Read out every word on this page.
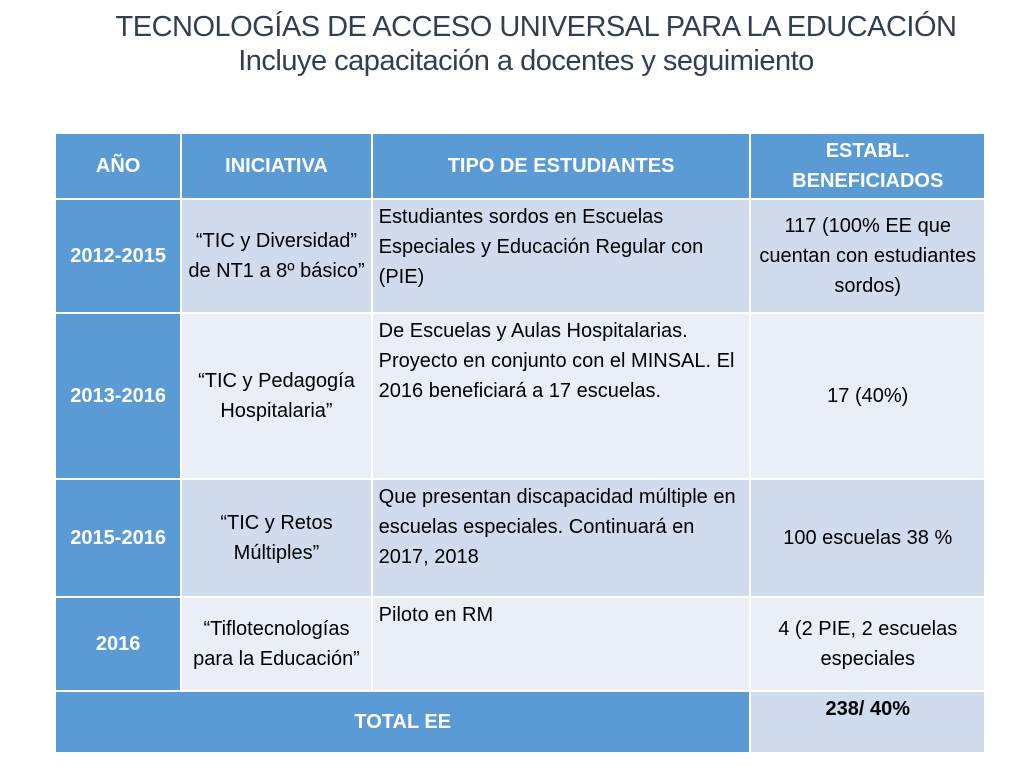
TECNOLOGÍAS DE ACCESO UNIVERSAL PARA LA EDUCACIÓN

Incluye capacitación a docentes y seguimiento

AÑO	INICIATIVA	TIPO DE ESTUDIANTES	ESTABL. BENEFICIADOS
2012-2015	“TIC y Diversidad” de NT1 a 8º básico”	Estudiantes sordos en Escuelas Especiales y Educación Regular con (PIE)	117 (100% EE que cuentan con estudiantes sordos)
2013-2016	“TIC y Pedagogía Hospitalaria”	De Escuelas y Aulas Hospitalarias. Proyecto en conjunto con el MINSAL. El 2016 beneficiará a 17 escuelas.	17 (40%)
2015-2016	“TIC y Retos Múltiples”	Que presentan discapacidad múltiple en escuelas especiales. Continuará en 2017, 2018	100 escuelas 38 %
2016	“Tiflotecnologías para la Educación”	Piloto en RM	4 (2 PIE, 2 escuelas especiales
TOTAL EE			238/ 40%
